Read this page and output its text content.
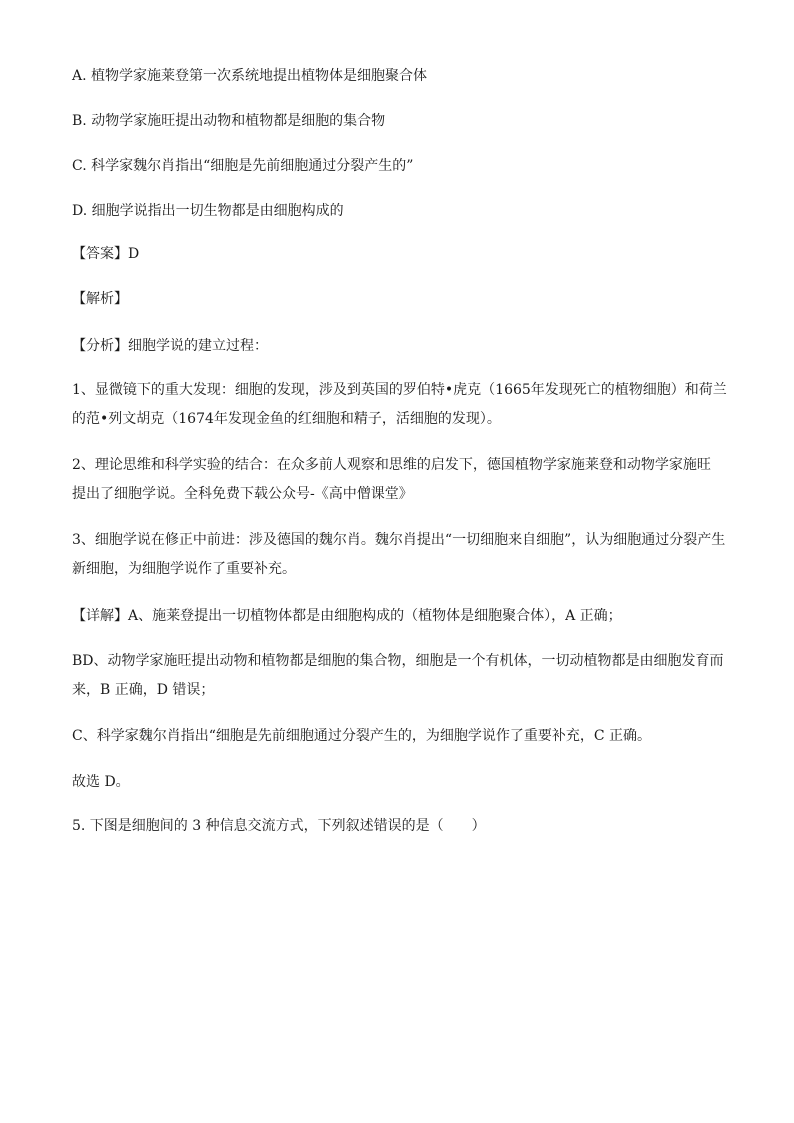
A. 植物学家施莱登第一次系统地提出植物体是细胞聚合体
B. 动物学家施旺提出动物和植物都是细胞的集合物
C. 科学家魏尔肖指出“细胞是先前细胞通过分裂产生的”
D. 细胞学说指出一切生物都是由细胞构成的
【答案】D
【解析】
【分析】细胞学说的建立过程：
1、显微镜下的重大发现：细胞的发现，涉及到英国的罗伯特•虎克（1665年发现死亡的植物细胞）和荷兰
的范•列文胡克（1674年发现金鱼的红细胞和精子，活细胞的发现）。
2、理论思维和科学实验的结合：在众多前人观察和思维的启发下，德国植物学家施莱登和动物学家施旺
提出了细胞学说。全科免费下载公众号-《高中僧课堂》
3、细胞学说在修正中前进：涉及德国的魏尔肖。魏尔肖提出“一切细胞来自细胞”，认为细胞通过分裂产生
新细胞，为细胞学说作了重要补充。
【详解】A、施莱登提出一切植物体都是由细胞构成的（植物体是细胞聚合体），A 正确；
BD、动物学家施旺提出动物和植物都是细胞的集合物，细胞是一个有机体，一切动植物都是由细胞发育而
来，B 正确，D 错误；
C、科学家魏尔肖指出“细胞是先前细胞通过分裂产生的，为细胞学说作了重要补充，C 正确。
故选 D。
5. 下图是细胞间的 3 种信息交流方式，下列叙述错误的是（　　）
